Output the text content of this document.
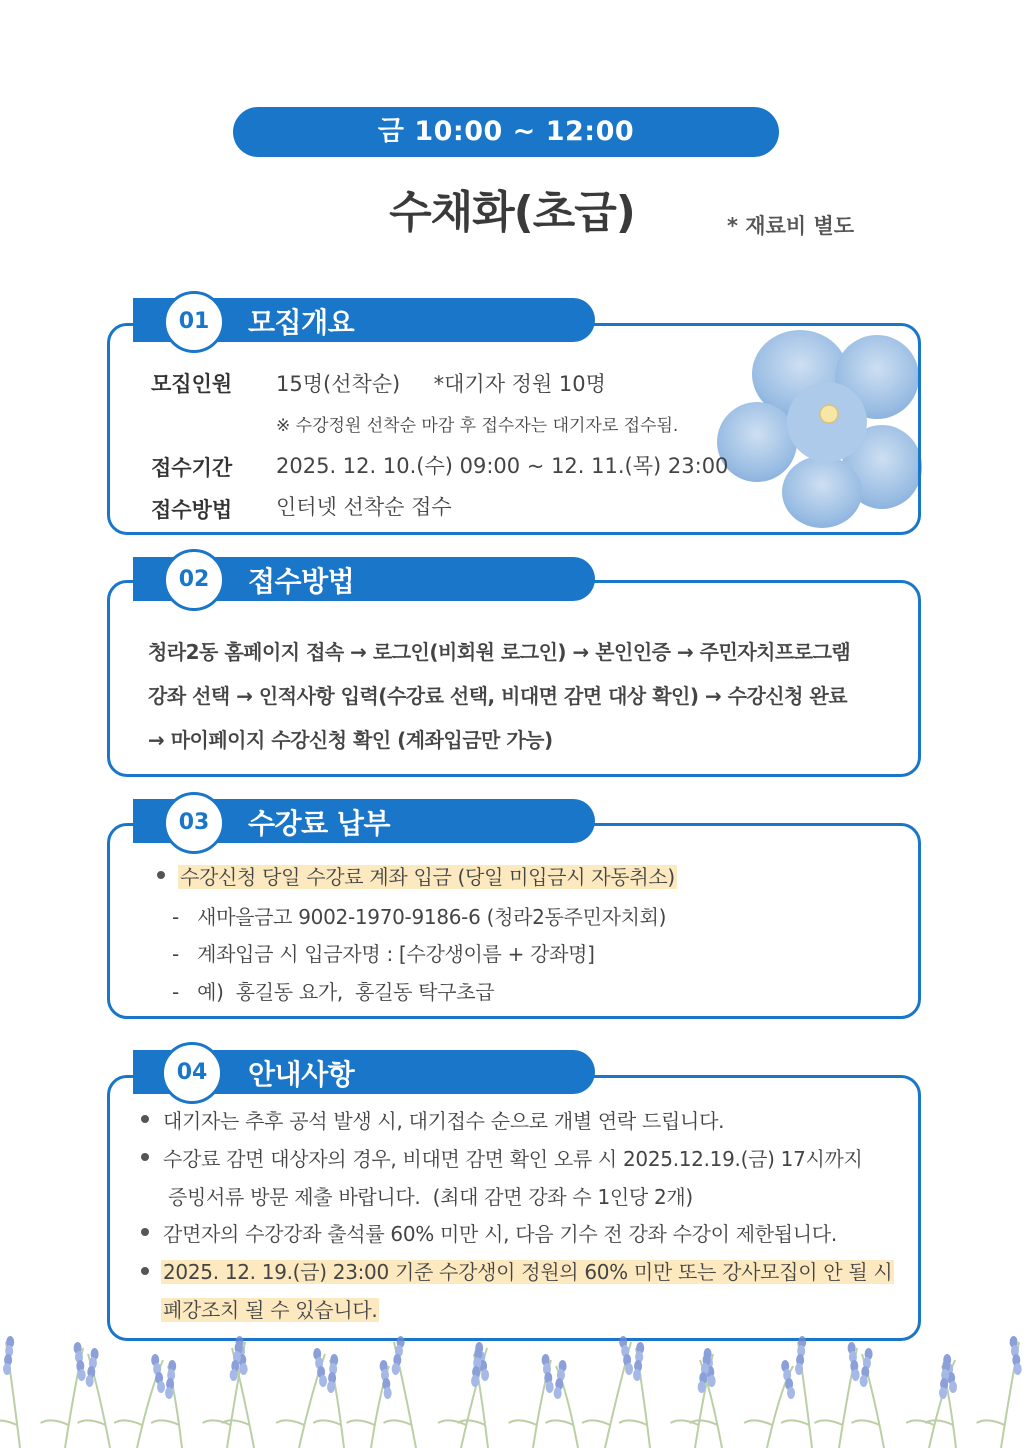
금 10:00 ~ 12:00
수채화(초급)	* 재료비 별도
01	모집개요
모집인원 15명(선착순)     *대기자 정원 10명
※ 수강정원 선착순 마감 후 접수자는 대기자로 접수됨.
접수기간 2025. 12. 10.(수) 09:00 ~ 12. 11.(목) 23:00
접수방법 인터넷 선착순 접수
02	접수방법
청라2동 홈페이지 접속 → 로그인(비회원 로그인) → 본인인증 → 주민자치프로그램
강좌 선택 → 인적사항 입력(수강료 선택, 비대면 감면 대상 확인) → 수강신청 완료
→ 마이페이지 수강신청 확인 (계좌입금만 가능)
03	수강료 납부
수강신청 당일 수강료 계좌 입금 (당일 미입금시 자동취소)
-   새마을금고 9002-1970-9186-6 (청라2동주민자치회)
-   계좌입금 시 입금자명 : [수강생이름 + 강좌명]
-   예)  홍길동 요가,  홍길동 탁구초급
04	안내사항
대기자는 추후 공석 발생 시, 대기접수 순으로 개별 연락 드립니다.
수강료 감면 대상자의 경우, 비대면 감면 확인 오류 시 2025.12.19.(금) 17시까지
증빙서류 방문 제출 바랍니다.  (최대 감면 강좌 수 1인당 2개)
감면자의 수강강좌 출석률 60% 미만 시, 다음 기수 전 강좌 수강이 제한됩니다.
2025. 12. 19.(금) 23:00 기준 수강생이 정원의 60% 미만 또는 강사모집이 안 될 시
폐강조치 될 수 있습니다.
